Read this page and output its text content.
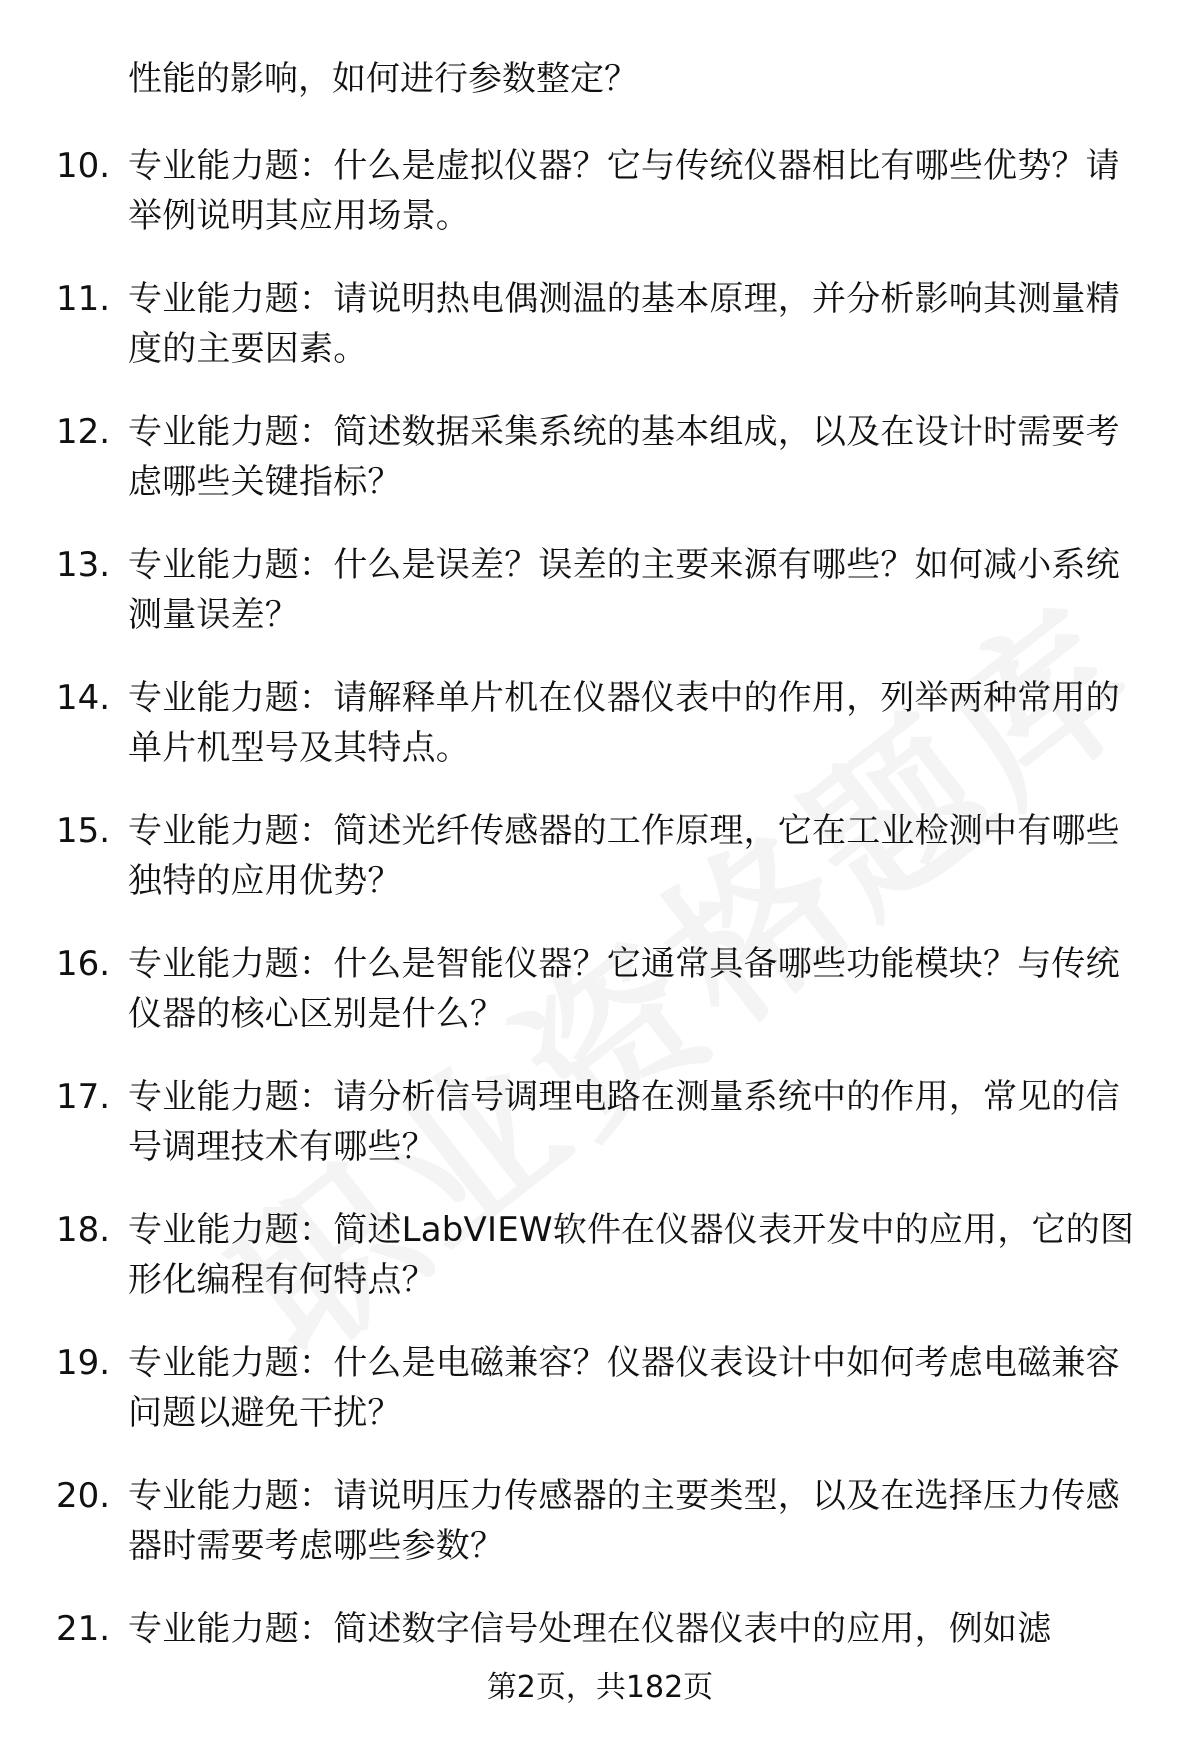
性能的影响，如何进行参数整定？
10. 专业能力题：什么是虚拟仪器？它与传统仪器相比有哪些优势？请举例说明其应用场景。
11. 专业能力题：请说明热电偶测温的基本原理，并分析影响其测量精度的主要因素。
12. 专业能力题：简述数据采集系统的基本组成，以及在设计时需要考虑哪些关键指标？
13. 专业能力题：什么是误差？误差的主要来源有哪些？如何减小系统测量误差？
14. 专业能力题：请解释单片机在仪器仪表中的作用，列举两种常用的单片机型号及其特点。
15. 专业能力题：简述光纤传感器的工作原理，它在工业检测中有哪些独特的应用优势？
16. 专业能力题：什么是智能仪器？它通常具备哪些功能模块？与传统仪器的核心区别是什么？
17. 专业能力题：请分析信号调理电路在测量系统中的作用，常见的信号调理技术有哪些？
18. 专业能力题：简述LabVIEW软件在仪器仪表开发中的应用，它的图形化编程有何特点？
19. 专业能力题：什么是电磁兼容？仪器仪表设计中如何考虑电磁兼容问题以避免干扰？
20. 专业能力题：请说明压力传感器的主要类型，以及在选择压力传感器时需要考虑哪些参数？
21. 专业能力题：简述数字信号处理在仪器仪表中的应用，例如滤
第2页，共182页
